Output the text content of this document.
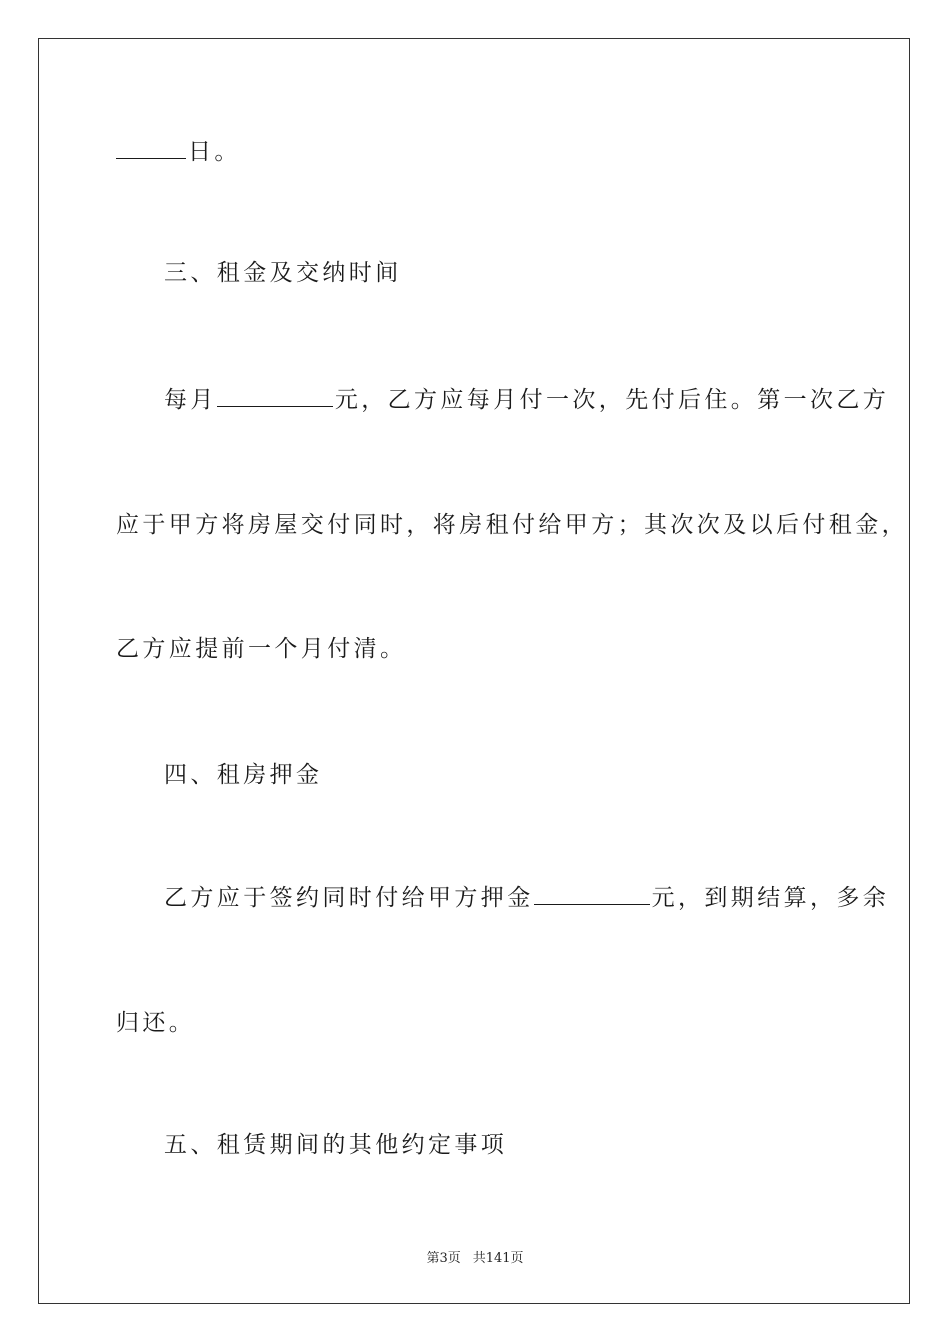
日。
三、租金及交纳时间
每月	元，乙方应每月付一次，先付后住。第一次乙方
应于甲方将房屋交付同时，将房租付给甲方；其次次及以后付租金，
乙方应提前一个月付清。
四、租房押金
乙方应于签约同时付给甲方押金	元，到期结算，多余
归还。
五、租赁期间的其他约定事项
第3页 共141页
